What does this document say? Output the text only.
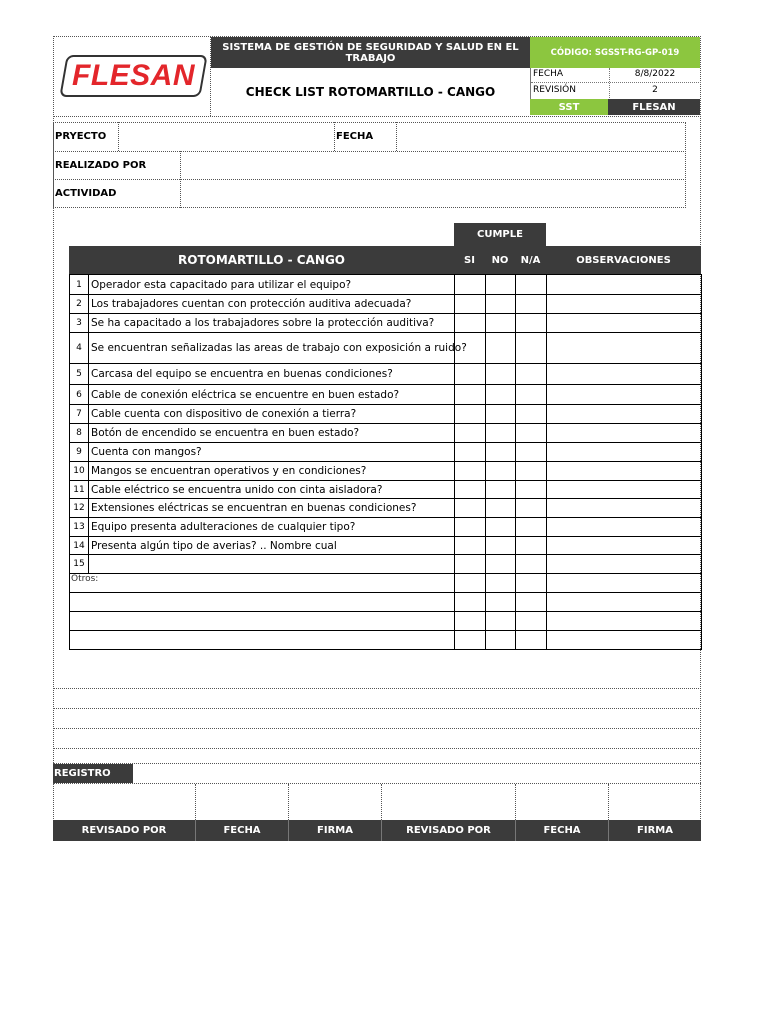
FLESAN
SISTEMA DE GESTIÓN DE SEGURIDAD Y SALUD EN EL TRABAJO
CHECK LIST ROTOMARTILLO - CANGO
CÓDIGO: SGSST-RG-GP-019
FECHA	8/8/2022
REVISIÓN	2
SST	FLESAN
PRYECTO	FECHA
REALIZADO POR
ACTIVIDAD
CUMPLE
ROTOMARTILLO - CANGO	SI	NO	N/A	OBSERVACIONES
1 Operador esta capacitado para utilizar el equipo?
2 Los trabajadores cuentan con protección auditiva adecuada?
3 Se ha capacitado a los trabajadores sobre la protección auditiva?
4 Se encuentran señalizadas las areas de trabajo con exposición a ruido?
5 Carcasa del equipo se encuentra en buenas condiciones?
6 Cable de conexión eléctrica se encuentre en buen estado?
7 Cable cuenta con dispositivo de conexión a tierra?
8 Botón de encendido se encuentra en buen estado?
9 Cuenta con mangos?
10 Mangos se encuentran operativos y en condiciones?
11 Cable eléctrico se encuentra unido con cinta aisladora?
12 Extensiones eléctricas se encuentran en buenas condiciones?
13 Equipo presenta adulteraciones de cualquier tipo?
14 Presenta algún tipo de averias? .. Nombre cual
15
Otros:
REGISTRO
REVISADO POR	FECHA	FIRMA	REVISADO POR	FECHA	FIRMA
